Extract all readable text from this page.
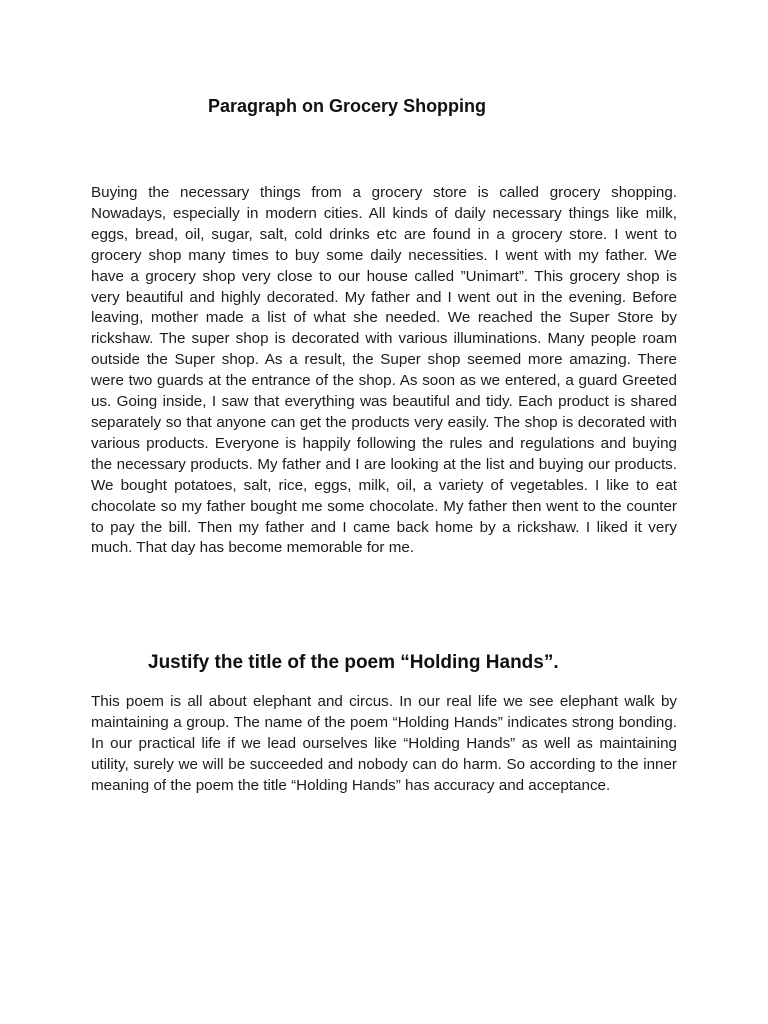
Paragraph on Grocery Shopping

Buying the necessary things from a grocery store is called grocery shopping. Nowadays, especially in modern cities. All kinds of daily necessary things like milk, eggs, bread, oil, sugar, salt, cold drinks etc are found in a grocery store. I went to grocery shop many times to buy some daily necessities. I went with my father. We have a grocery shop very close to our house called ”Unimart”. This grocery shop is very beautiful and highly decorated. My father and I went out in the evening. Before leaving, mother made a list of what she needed. We reached the Super Store by rickshaw. The super shop is decorated with various illuminations. Many people roam outside the Super shop. As a result, the Super shop seemed more amazing. There were two guards at the entrance of the shop. As soon as we entered, a guard Greeted us. Going inside, I saw that everything was beautiful and tidy. Each product is shared separately so that anyone can get the products very easily. The shop is decorated with various products. Everyone is happily following the rules and regulations and buying the necessary products. My father and I are looking at the list and buying our products. We bought potatoes, salt, rice, eggs, milk, oil, a variety of vegetables. I like to eat chocolate so my father bought me some chocolate. My father then went to the counter to pay the bill. Then my father and I came back home by a rickshaw. I liked it very much. That day has become memorable for me.

Justify the title of the poem “Holding Hands”.

This poem is all about elephant and circus. In our real life we see elephant walk by maintaining a group. The name of the poem “Holding Hands” indicates strong bonding. In our practical life if we lead ourselves like “Holding Hands” as well as maintaining utility, surely we will be succeeded and nobody can do harm. So according to the inner meaning of the poem the title “Holding Hands” has accuracy and acceptance.
